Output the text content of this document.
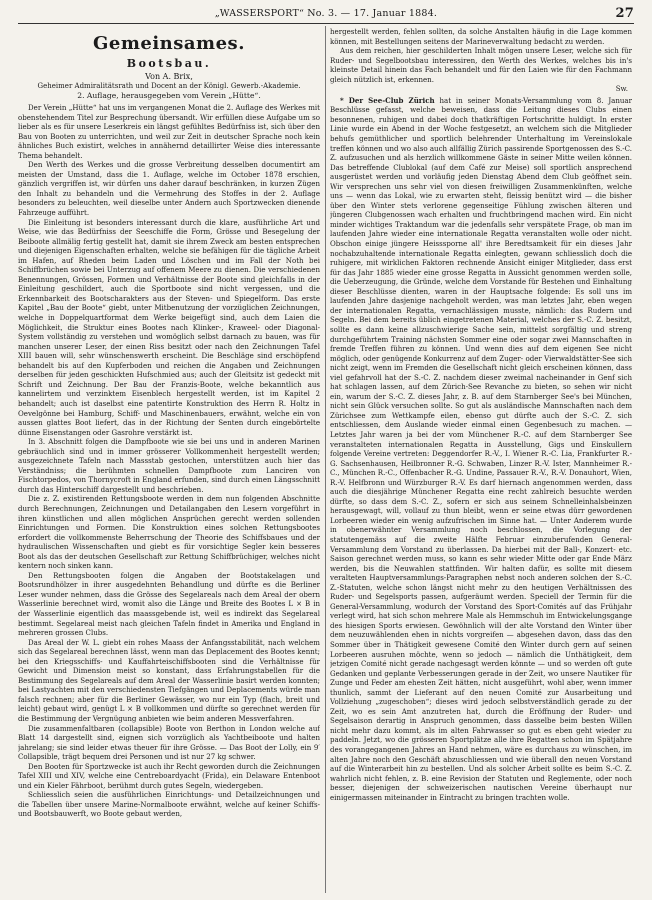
„WASSERSPORT“ No. 3. — 17. Januar 1884.	27
Gemeinsames.
Bootsbau.
Von A. Brix,
Geheimer Admiralitätsrath und Docent an der Königl. Gewerb.-Akademie.
2. Auflage, herausgegeben vom Verein „Hütte“.

Der Verein „Hütte“ hat uns im vergangenen Monat die 2. Auflage des Werkes mit obenstehendem Titel zur Besprechung übersandt. Wir erfüllen diese Aufgabe um so lieber als es für unsere Leserkreis ein längst gefühltes Bedürfniss ist, sich über den Bau von Booten zu unterrichten, und weil zur Zeit in deutscher Sprache noch kein ähnliches Buch existirt, welches in annähernd detaillirter Weise dies interessante Thema behandelt.

Den Werth des Werkes und die grosse Verbreitung desselben documentirt am meisten der Umstand, dass die 1. Auflage, welche im October 1878 erschien, gänzlich vergriffen ist, wir dürfen uns daher darauf beschränken, in kurzen Zügen den Inhalt zu behandeln und die Vermehrung des Stoffes in der 2. Auflage besonders zu beleuchten, weil dieselbe unter Andern auch Sportzwecken dienende Fahrzeuge aufführt.

Die Einleitung ist besonders interessant durch die klare, ausführliche Art und Weise, wie das Bedürfniss der Seeschiffe die Form, Grösse und Besegelung der Beiboote allmälig fertig gestellt hat, damit sie ihrem Zweck am besten entsprechen und diejenigen Eigenschaften erhalten, welche sie befähigen für die tägliche Arbeit im Hafen, auf Rheden beim Laden und Löschen und im Fall der Noth bei Schiffbrüchen sowie bei Unterzug auf offenem Meere zu dienen. Die verschiedenen Benennungen, Grössen, Formen und Verhältnisse der Boote sind gleichfalls in der Einleitung geschildert, auch die Sportboote sind nicht vergessen, und die Erkennbarkeit des Bootscharakters aus der Steven- und Spiegelform. Das erste Kapitel „Bau der Boote“ giebt, unter Mitbenutzung der vorzüglichen Zeichnungen, welche in Doppelquartformat dem Werke beigefügt sind, auch dem Laien die Möglichkeit, die Struktur eines Bootes nach Klinker-, Kraweel- oder Diagonal-System vollständig zu verstehen und womöglich selbst darnach zu bauen, was für manchen unserer Leser, der einen Riss besitzt oder nach den Zeichnungen Tafel XIII bauen will, sehr wünschenswerth erscheint. Die Beschläge sind erschöpfend behandelt bis auf den Kupferboden und reichen die Angaben und Zeichnungen derselben für jeden geschickten Hufschmied aus; auch der Gleitsitz ist gedeckt mit Schrift und Zeichnung. Der Bau der Franzis-Boote, welche bekanntlich aus kannelirtem und verzinktem Eisenblech hergestellt werden, ist im Kapitel 2 behandelt; auch ist daselbst eine patentirte Konstruktion des Herrn R. Holtz in Oevelgönne bei Hamburg, Schiff- und Maschinenbauers, erwähnt, welche ein von aussen glattes Boot liefert, das in der Richtung der Senten durch eingebörtelte dünne Eisenstangen oder Gasrohre verstärkt ist.

In 3. Abschnitt folgen die Dampfboote wie sie bei uns und in anderen Marinen gebräuchlich sind und in immer grösserer Vollkommenheit hergestellt werden; ausgezeichnete Tafeln nach Massstab gestochen, unterstützen auch hier das Verständniss; die berühmten schnellen Dampfboote zum Lanciren von Fischtorpedos, von Thornycroft in England erfunden, sind durch einen Längsschnitt durch das Hinterschiff dargestellt und beschrieben.

Die z. Z. existirenden Rettungsboote werden in dem nun folgenden Abschnitte durch Berechnungen, Zeichnungen und Detailangaben den Lesern vorgeführt in ihren künstlichen und allen möglichen Ansprüchen gerecht werden sollenden Einrichtungen und Formen. Die Konstruktion eines solchen Rettungsbootes erfordert die vollkommenste Beherrschung der Theorie des Schiffsbaues und der hydraulischen Wissenschaften und giebt es für vorsichtige Segler kein besseres Boot als das der deutschen Gesellschaft zur Rettung Schiffbrüchiger, welches nicht kentern noch sinken kann.

Den Rettungsbooten folgen die Angaben der Bootstakelagen und Bootsrundhölzer in ihrer ausgedehnten Behandlung und dürfte es die Berliner Leser wunder nehmen, dass die Grösse des Segelareals nach dem Areal der obern Wasserlinie berechnet wird, womit also die Länge und Breite des Bootes L × B in der Wasserlinie eigentlich das maassgebende ist, weil es indirekt das Segelareal bestimmt. Segelareal meist nach gleichen Tafeln findet in Amerika und England in mehreren grossen Clubs.

Das Areal der W. L. giebt ein rohes Maass der Anfangsstabilität, nach welchem sich das Segelareal berechnen lässt, wenn man das Deplacement des Bootes kennt; bei den Kriegsschiffs- und Kauffahrteischiffsbooten sind die Verhältnisse für Gewicht und Dimension meist so konstant, dass Erfahrungstabellen für die Bestimmung des Segelareals auf dem Areal der Wasserlinie basirt werden konnten; bei Lastyachten mit den verschiedensten Tiefgängen und Deplacements würde man falsch rechnen; aber für die Berliner Gewässer, wo nur ein Typ (flach, breit und leicht) gebaut wird, genügt L × B vollkommen und dürfte so gerechnet werden für die Bestimmung der Vergnügung anbieten wie beim anderen Messverfahren.

Die zusammenfaltbaren (collapsible) Boote von Berthon in London welche auf Blatt 14 dargestellt sind, eignen sich vorzüglich als Yachtbeiboote und halten jahrelang; sie sind leider etwas theuer für ihre Grösse. — Das Boot der Lolly, ein 9′ Collapsible, trägt bequem drei Personen und ist nur 27 kg schwer.

Den Booten für Sportzwecke ist auch ihr Recht geworden durch die Zeichnungen Tafel XIII und XIV, welche eine Centreboardyacht (Frida), ein Delaware Entenboot und ein Kieler Fährboot, berühmt durch gutes Segeln, wiedergeben.

Schliesslich seien die ausführlichen Einrichtungs- und Detailzeichnungen und die Tabellen über unsere Marine-Normalboote erwähnt, welche auf keiner Schiffs- und Bootsbauwerft, wo Boote gebaut werden,

hergestellt werden, fehlen sollten, da solche Anstalten häufig in die Lage kommen können, mit Bestellungen seitens der Marineverwaltung bedacht zu werden.

Aus dem reichen, hier geschilderten Inhalt mögen unsere Leser, welche sich für Ruder- und Segelbootsbau interessiren, den Werth des Werkes, welches bis in's kleinste Detail hinein das Fach behandelt und für den Laien wie für den Fachmann gleich nützlich ist, erkennen.

Sw.

* Der See-Club Zürich hat in seiner Monats-Versammlung vom 8. Januar Beschlüsse gefasst, welche beweisen, dass die Leitung dieses Clubs einen besonnenen, ruhigen und dabei doch thatkräftigen Fortschritte huldigt. In erster Linie wurde ein Abend in der Woche festgesetzt, an welchem sich die Mitglieder behufs gemüthlicher und sportlich belehrender Unterhaltung im Vereinslokale treffen können und wo also auch allfällig Zürich passirende Sportgenossen des S.-C. Z. aufzusuchen und als herzlich willkommene Gäste in seiner Mitte weilen können. Das betreffende Clublokal (auf dem Café zur Meise) soll sportlich ansprechend ausgerüstet werden und vorläufig jeden Dienstag Abend dem Club geöffnet sein. Wir versprechen uns sehr viel von diesen freiwilligen Zusammenkünften, welche uns — wenn das Lokal, wie zu erwarten steht, fleissig benützt wird — die bisher über den Winter stets verlorene gegenseitige Fühlung zwischen älteren und jüngeren Clubgenossen wach erhalten und fruchtbringend machen wird. Ein nicht minder wichtiges Traktandum war die jedenfalls sehr verspätete Frage, ob man im laufenden Jahre wieder eine internationale Regatta veranstalten wolle oder nicht. Obschon einige jüngere Heisssporne all' ihre Beredtsamkeit für ein dieses Jahr nochabzuhaltende internationale Regatta einlegten, gewann schliesslich doch die ruhigere, mit wirklichen Faktoren rechnende Ansicht einiger Mitglieder, dass erst für das Jahr 1885 wieder eine grosse Regatta in Aussicht genommen werden solle, die Ueberzeugung, die Gründe, welche dem Vorstande für Bestehen und Einhaltung dieser Beschlüsse dienten, waren in der Hauptsache folgende: Es soll uns im laufenden Jahre dasjenige nachgeholt werden, was man letztes Jahr, eben wegen der internationalen Regatta, vernachlässigen musste, nämlich: das Rudern und Segeln. Bei dem bereits üblich eingetretenen Material, welches der S.-C. Z. besitzt, sollte es dann keine allzuschwierige Sache sein, mittelst sorgfältig und streng durchgeführtem Training nächsten Sommer eine oder sogar zwei Mannschaften in fremde Treffen führen zu können. Und wenn dies auf dem eigenen See nicht möglich, oder genügende Konkurrenz auf dem Zuger- oder Vierwaldstätter-See sich nicht zeigt, wenn im Fremden die Gesellschaft nicht gleich erscheinen können, dass viel gefahrvoll hat der S.-C. Z. nachdem dieser zweimal nacheinander in Genf sich hat schlagen lassen, auf dem Zürich-See Revanche zu bieten, so sehen wir nicht ein, warum der S.-C. Z. dieses Jahr, z. B. auf dem Starnberger See's bei München, nicht sein Glück versuchen sollte. So gut als ausländische Mannschaften nach dem Zürichsee zum Wettkampfe eilen, ebenso gut dürfte auch der S.-C. Z. sich entschliessen, dem Auslande wieder einmal einen Gegenbesuch zu machen. — Letztes Jahr waren ja bei der vom Münchener R.-C. auf dem Starnberger See veranstalteten internationalen Regatta in Ausstellung, Gigs und Einskullern folgende Vereine vertreten: Deggendorfer R.-V., I. Wiener R.-C. Lia, Frankfurter R.-G. Sachsenhausen, Heilbronner R.-G. Schwaben, Linzer R.-V. Ister, Mannheimer R.-C., München R.-C., Offenbacher R.-G. Undine, Passauer R.-V., R.-V. Donauhort, Wien, R.-V. Helfbronn und Würzburger R.-V. Es darf hiernach angenommen werden, dass auch die diesjährige Münchener Regatta eine recht zahlreich besuchte werden dürfte, so dass dem S.-C. Z., sofern er sich aus seinem Schnelleinhalsbeinzen herausgewagt, will, vollauf zu thun bleibt, wenn er seine etwas dürr gewordenen Lorbeeren wieder ein wenig aufzufrischen im Sinne hat. — Unter Anderem wurde in obenerwähnter Versammlung noch beschlossen, die Vorlegung der statutengemäss auf die zweite Hälfte Februar einzuberufenden General-Versammlung dem Vorstand zu überlassen. Da hierbei mit der Ball-, Konzert- etc. Saison gerechnet werden muss, so kann es sehr wieder Mitte oder gar Ende März werden, bis die Neuwahlen stattfinden. Wir halten dafür, es sollte mit diesem veralteten Hauptversammlungs-Paragraphen nebst noch anderen solchen der S.-C. Z.-Statuten, welche schon längst nicht mehr zu den heutigen Verhältnissen des Ruder- und Segelsports passen, aufgeräumt werden. Speciell der Termin für die General-Versammlung, wodurch der Vorstand des Sport-Comités auf das Frühjahr verlegt wird, hat sich schon mehrere Male als Hemmschuh im Entwickelungsgange des hiesigen Sports erwiesen. Gewöhnlich will der alte Vorstand den Winter über dem neuzuwählenden ehen in nichts vorgreifen — abgesehen davon, dass das den Sommer über in Thätigkeit gewesene Comité den Winter durch gern auf seinen Lorbeeren ausruhen möchte, wenn so jedoch — nämlich die Unthätigkeit, dem jetzigen Comité nicht gerade nachgesagt werden könnte — und so werden oft gute Gedanken und geplante Verbesserungen gerade in der Zeit, wo unsere Nautiker für Zunge und Feder am ehesten Zeit hätten, nicht ausgeführt, wohl aber, wenn immer thunlich, sammt der Lieferant auf den neuen Comité zur Ausarbeitung und Vollziehung „zugeschoben“; dieses wird jedoch selbstverständlich gerade zu der Zeit, wo es sein Amt anzutreten hat, durch die Eröffnung der Ruder- und Segelsaison derartig in Anspruch genommen, dass dasselbe beim besten Willen nicht mehr dazu kommt, als im alten Fahrwasser so gut es eben geht wieder zu paddeln. Jetzt, wo die grösseren Sportplätze alle ihre Regatten schon im Spätjahre des vorangegangenen Jahres an Hand nehmen, wäre es durchaus zu wünschen, im alten Jahre noch den Geschäft abzuschliessen und wie überall den neuen Vorstand auf die Winterarbeit hin zu bestellen. Und als solcher Arbeit sollte es beim S.-C. Z. wahrlich nicht fehlen, z. B. eine Revision der Statuten und Reglemente, oder noch besser, diejenigen der schweizerischen nautischen Vereine überhaupt nur einigermassen miteinander in Eintracht zu bringen trachten wolle.
